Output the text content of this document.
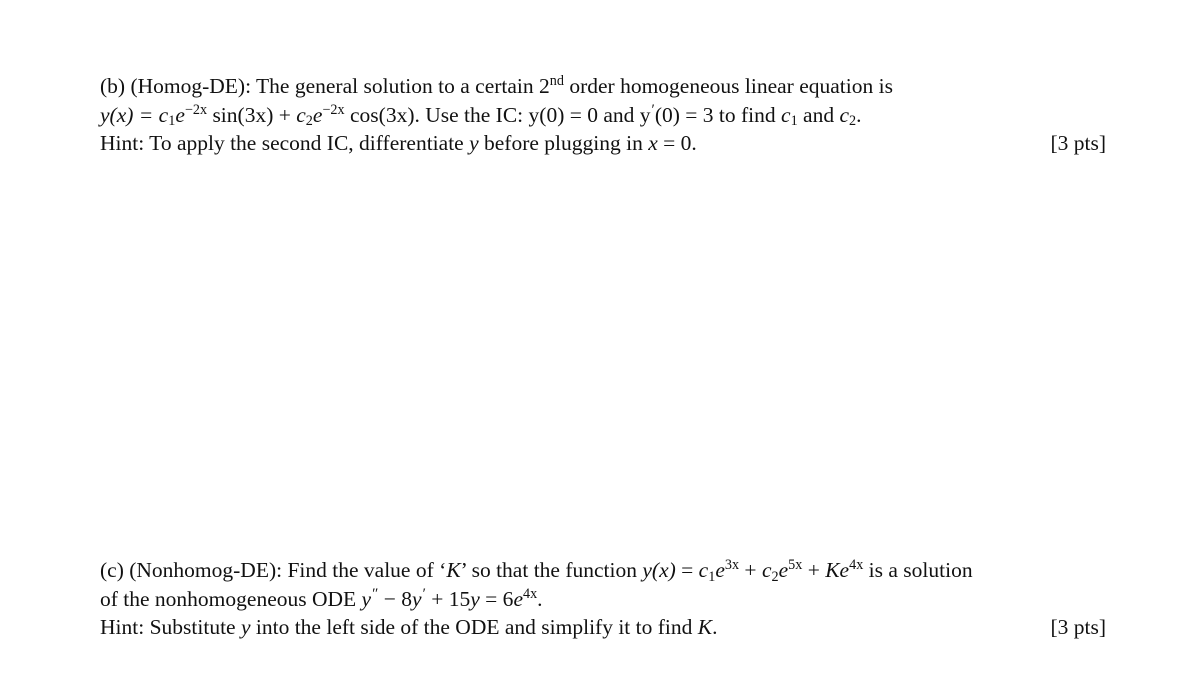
(b) (Homog-DE): The general solution to a certain 2nd order homogeneous linear equation is
$y(x) = c_1e^{-2x}$ $\sin(3x) + c_2e^{-2x}$ cos(3x). Use the IC: y(0) = 0 and y′(0) = 3 to find $c_1$ and $c_2$.
Hint: To apply the second IC, differentiate y before plugging in x = 0.	[3 pts]
(c) (Nonhomog-DE): Find the value of ‘K’ so that the function $y(x) = c_1e^{3x} + c_2e^{5x} + Ke^{4x}$ is a solution
of the nonhomogeneous ODE $y'' - 8y' + 15y = 6e^{4x}$.
Hint: Substitute y into the left side of the ODE and simplify it to find K.	[3 pts]
